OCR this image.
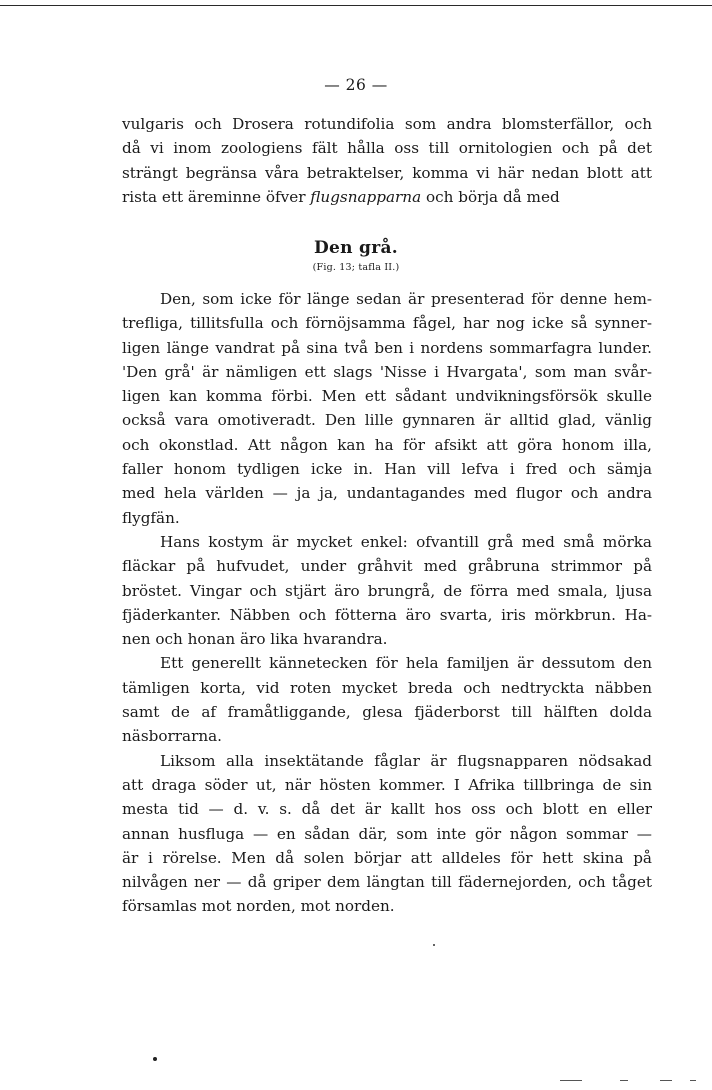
— 26 —
vulgaris och Drosera rotundifolia som andra blomsterfällor, och
då vi inom zoologiens fält hålla oss till ornitologien och på det
strängt begränsa våra betraktelser, komma vi här nedan blott att
rista ett äreminne öfver flugsnapparna och börja då med
Den grå.
(Fig. 13; tafla II.)
Den, som icke för länge sedan är presenterad för denne hem-
trefliga, tillitsfulla och förnöjsamma fågel, har nog icke så synner-
ligen länge vandrat på sina två ben i nordens sommarfagra lunder.
'Den grå' är nämligen ett slags 'Nisse i Hvargata', som man svår-
ligen kan komma förbi. Men ett sådant undvikningsförsök skulle
också vara omotiveradt. Den lille gynnaren är alltid glad, vänlig
och okonstlad. Att någon kan ha för afsikt att göra honom illa,
faller honom tydligen icke in. Han vill lefva i fred och sämja
med hela världen — ja ja, undantagandes med flugor och andra
flygfän.
Hans kostym är mycket enkel: ofvantill grå med små mörka
fläckar på hufvudet, under gråhvit med gråbruna strimmor på
bröstet. Vingar och stjärt äro brungrå, de förra med smala, ljusa
fjäderkanter. Näbben och fötterna äro svarta, iris mörkbrun. Ha-
nen och honan äro lika hvarandra.
Ett generellt kännetecken för hela familjen är dessutom den
tämligen korta, vid roten mycket breda och nedtryckta näbben
samt de af framåtliggande, glesa fjäderborst till hälften dolda
näsborrarna.
Liksom alla insektätande fåglar är flugsnapparen nödsakad
att draga söder ut, när hösten kommer. I Afrika tillbringa de sin
mesta tid — d. v. s. då det är kallt hos oss och blott en eller
annan husfluga — en sådan där, som inte gör någon sommar —
är i rörelse. Men då solen börjar att alldeles för hett skina på
nilvågen ner — då griper dem längtan till fädernejorden, och tåget
församlas mot norden, mot norden.
